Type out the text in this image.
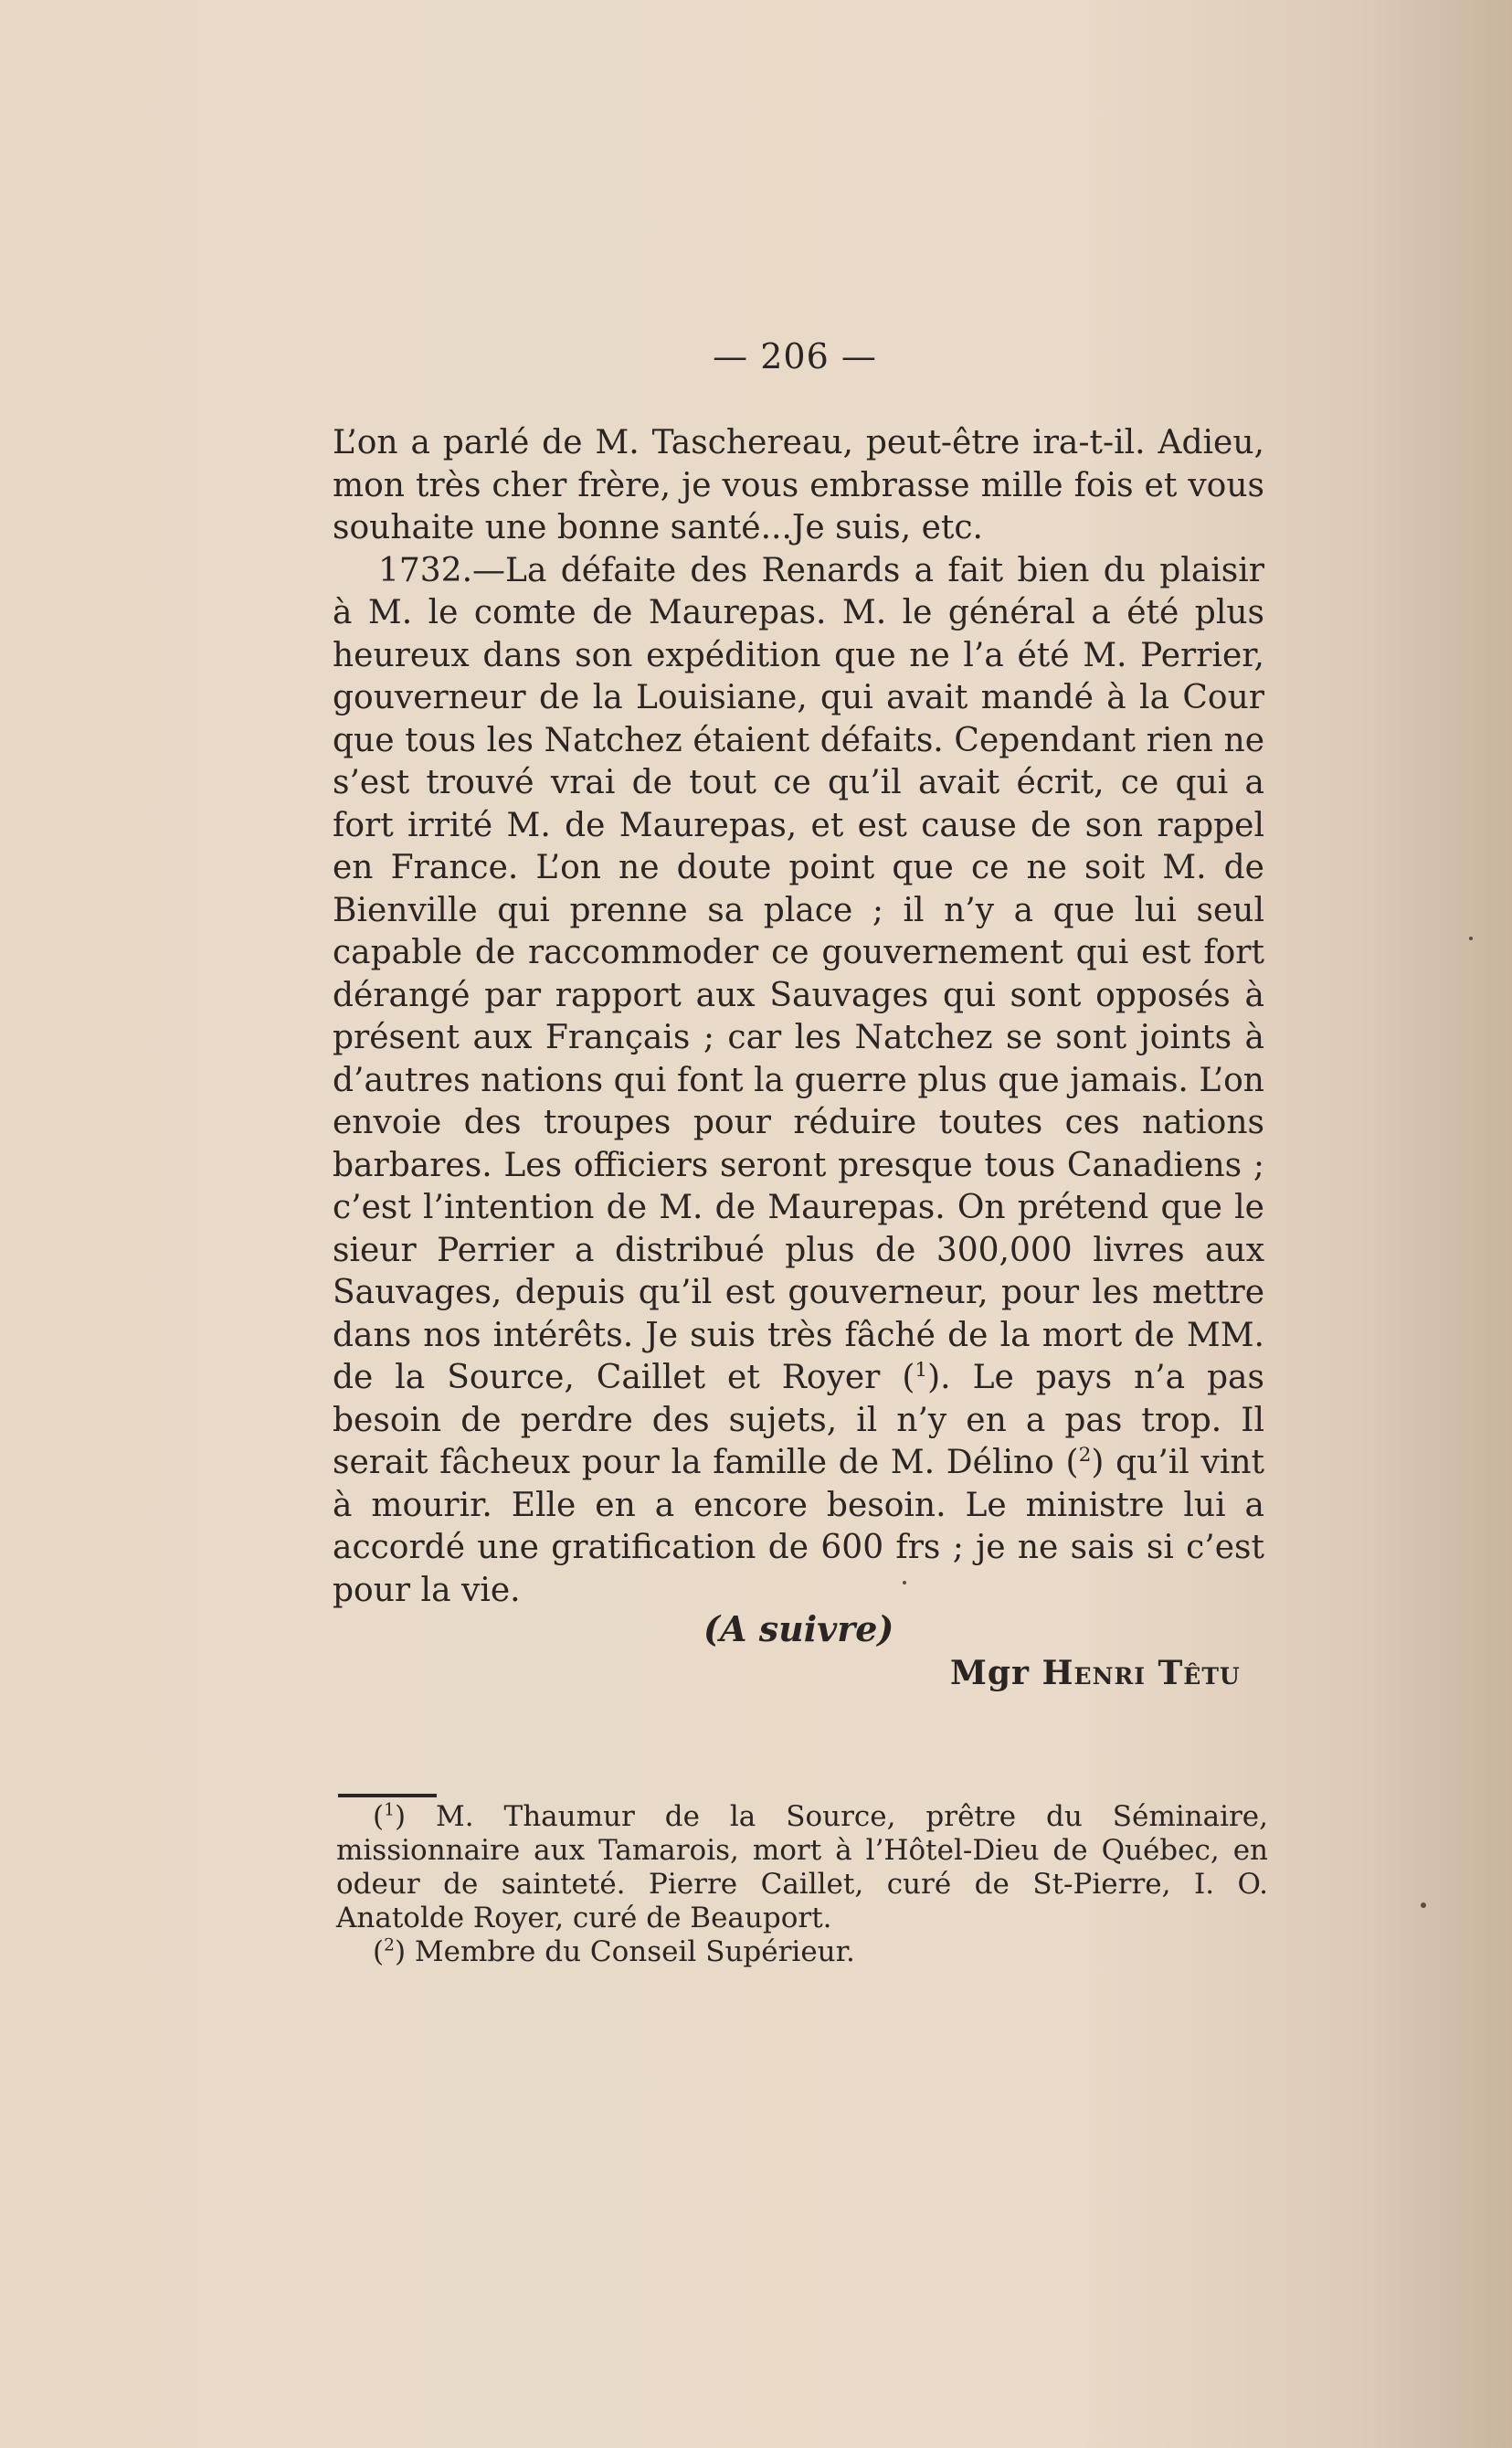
— 206 —

L’on a parlé de M. Taschereau, peut-être ira-t-il. Adieu, mon très cher frère, je vous embrasse mille fois et vous souhaite une bonne santé...Je suis, etc.

1732.—La défaite des Renards a fait bien du plaisir à M. le comte de Maurepas. M. le général a été plus heureux dans son expédition que ne l’a été M. Perrier, gouverneur de la Louisiane, qui avait mandé à la Cour que tous les Natchez étaient défaits. Cependant rien ne s’est trouvé vrai de tout ce qu’il avait écrit, ce qui a fort irrité M. de Maurepas, et est cause de son rappel en France. L’on ne doute point que ce ne soit M. de Bienville qui prenne sa place ; il n’y a que lui seul capable de raccommoder ce gouvernement qui est fort dérangé par rapport aux Sauvages qui sont opposés à présent aux Français ; car les Natchez se sont joints à d’autres nations qui font la guerre plus que jamais. L’on envoie des troupes pour réduire toutes ces nations barbares. Les officiers seront presque tous Canadiens ; c’est l’intention de M. de Maurepas. On prétend que le sieur Perrier a distribué plus de 300,000 livres aux Sauvages, depuis qu’il est gouverneur, pour les mettre dans nos intérêts. Je suis très fâché de la mort de MM. de la Source, Caillet et Royer ($^1$). Le pays n’a pas besoin de perdre des sujets, il n’y en a pas trop. Il serait fâcheux pour la famille de M. Délino ($^2$) qu’il vint à mourir. Elle en a encore besoin. Le ministre lui a accordé une gratification de 600 frs ; je ne sais si c’est pour la vie.

(A suivre)
Mgr Henri Têtu

($^1$) M. Thaumur de la Source, prêtre du Séminaire, missionnaire aux Tamarois, mort à l’Hôtel-Dieu de Québec, en odeur de sainteté. Pierre Caillet, curé de St-Pierre, I. O. Anatolde Royer, curé de Beauport.

($^2$) Membre du Conseil Supérieur.
